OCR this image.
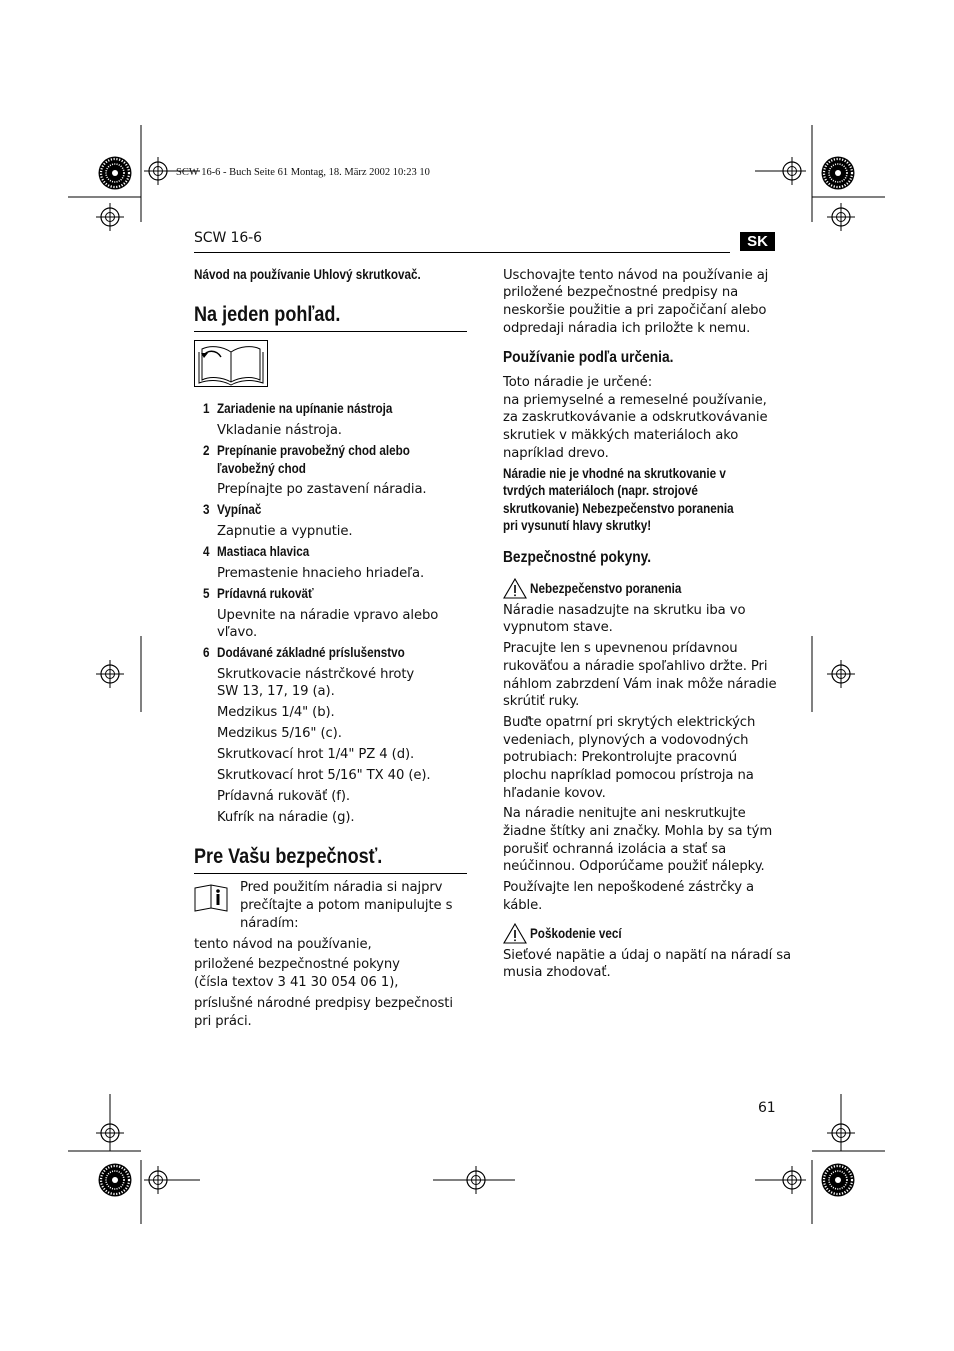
SCW 16-6 - Buch Seite 61 Montag, 18. März 2002 10:23 10
SCW 16-6	SK
Návod na používanie Uhlový skrutkovač.
Na jeden pohľad.
1 Zariadenie na upínanie nástroja
Vkladanie nástroja.
2 Prepínanie pravobežný chod alebo
ľavobežný chod
Prepínajte po zastavení náradia.
3 Vypínač
Zapnutie a vypnutie.
4 Mastiaca hlavica
Premastenie hnacieho hriadeľa.
5 Prídavná rukoväť
Upevnite na náradie vpravo alebo
vľavo.
6 Dodávané základné príslušenstvo
Skrutkovacie nástrčkové hroty
SW 13, 17, 19 (a).
Medzikus 1/4" (b).
Medzikus 5/16" (c).
Skrutkovací hrot 1/4" PZ 4 (d).
Skrutkovací hrot 5/16" TX 40 (e).
Prídavná rukoväť (f).
Kufrík na náradie (g).
Pre Vašu bezpečnosť.
Pred použitím náradia si najprv
prečítajte a potom manipulujte s
náradím:
tento návod na používanie,
priložené bezpečnostné pokyny
(čísla textov 3 41 30 054 06 1),
príslušné národné predpisy bezpečnosti
pri práci.
Uschovajte tento návod na používanie aj
priložené bezpečnostné predpisy na
neskoršie použitie a pri započičaní alebo
odpredaji náradia ich priložte k nemu.
Používanie podľa určenia.
Toto náradie je určené:
na priemyselné a remeselné používanie,
za zaskrutkovávanie a odskrutkovávanie
skrutiek v mäkkých materiáloch ako
napríklad drevo.
Náradie nie je vhodné na skrutkovanie v
tvrdých materiáloch (napr. strojové
skrutkovanie) Nebezpečenstvo poranenia
pri vysunutí hlavy skrutky!
Bezpečnostné pokyny.
Nebezpečenstvo poranenia
Náradie nasadzujte na skrutku iba vo
vypnutom stave.
Pracujte len s upevnenou prídavnou
rukoväťou a náradie spoľahlivo držte. Pri
náhlom zabrzdení Vám inak môže náradie
skrútiť ruky.
Buďte opatrní pri skrytých elektrických
vedeniach, plynových a vodovodných
potrubiach: Prekontrolujte pracovnú
plochu napríklad pomocou prístroja na
hľadanie kovov.
Na náradie nenitujte ani neskrutkujte
žiadne štítky ani značky. Mohla by sa tým
porušiť ochranná izolácia a stať sa
neúčinnou. Odporúčame použiť nálepky.
Používajte len nepoškodené zástrčky a
káble.
Poškodenie vecí
Sieťové napätie a údaj o napätí na náradí sa
musia zhodovať.
61
